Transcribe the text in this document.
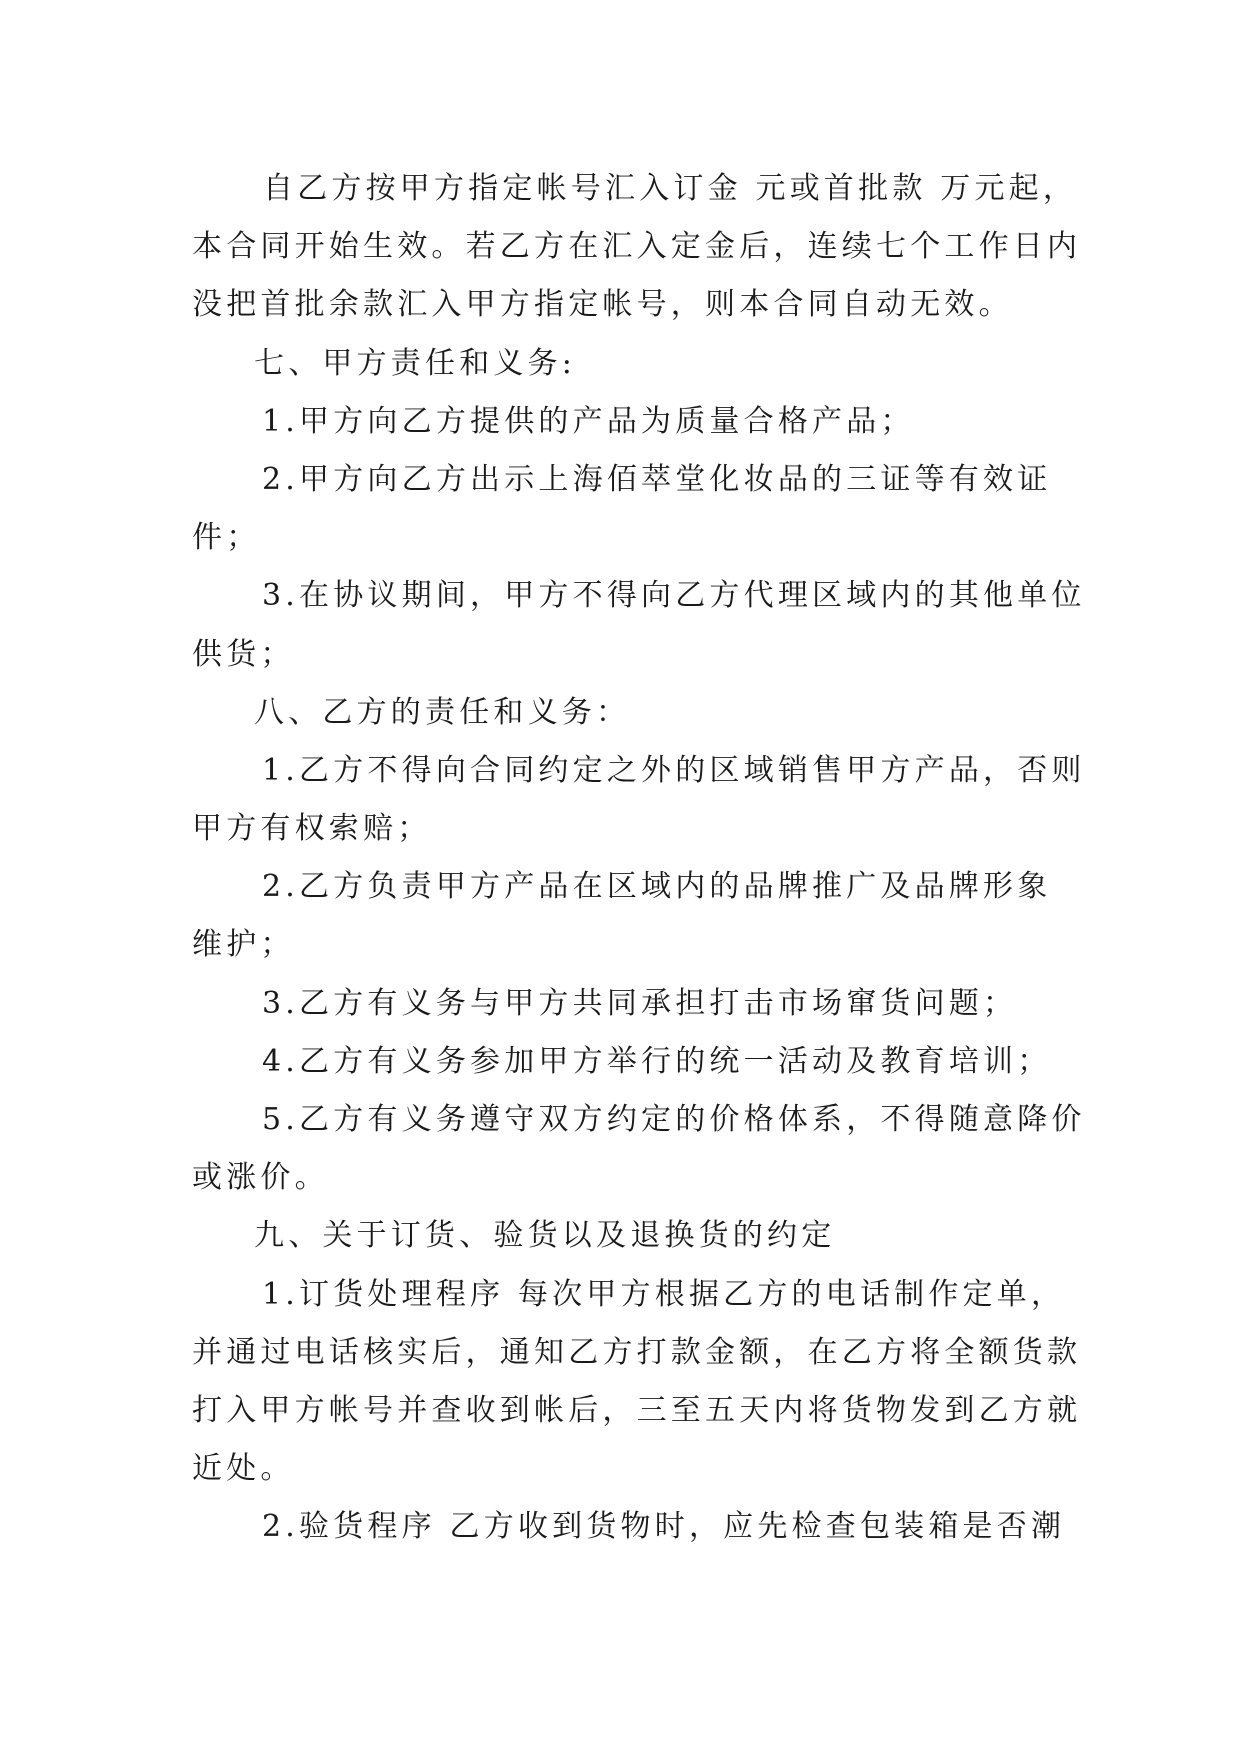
自乙方按甲方指定帐号汇入订金 元或首批款 万元起，
本合同开始生效。若乙方在汇入定金后，连续七个工作日内
没把首批余款汇入甲方指定帐号，则本合同自动无效。
七、甲方责任和义务:
1.甲方向乙方提供的产品为质量合格产品；
2.甲方向乙方出示上海佰萃堂化妆品的三证等有效证
件；
3.在协议期间，甲方不得向乙方代理区域内的其他单位
供货；
八、乙方的责任和义务：
1.乙方不得向合同约定之外的区域销售甲方产品，否则
甲方有权索赔；
2.乙方负责甲方产品在区域内的品牌推广及品牌形象
维护；
3.乙方有义务与甲方共同承担打击市场窜货问题；
4.乙方有义务参加甲方举行的统一活动及教育培训；
5.乙方有义务遵守双方约定的价格体系，不得随意降价
或涨价。
九、关于订货、验货以及退换货的约定
1.订货处理程序 每次甲方根据乙方的电话制作定单，
并通过电话核实后，通知乙方打款金额，在乙方将全额货款
打入甲方帐号并查收到帐后，三至五天内将货物发到乙方就
近处。
2.验货程序 乙方收到货物时，应先检查包装箱是否潮
